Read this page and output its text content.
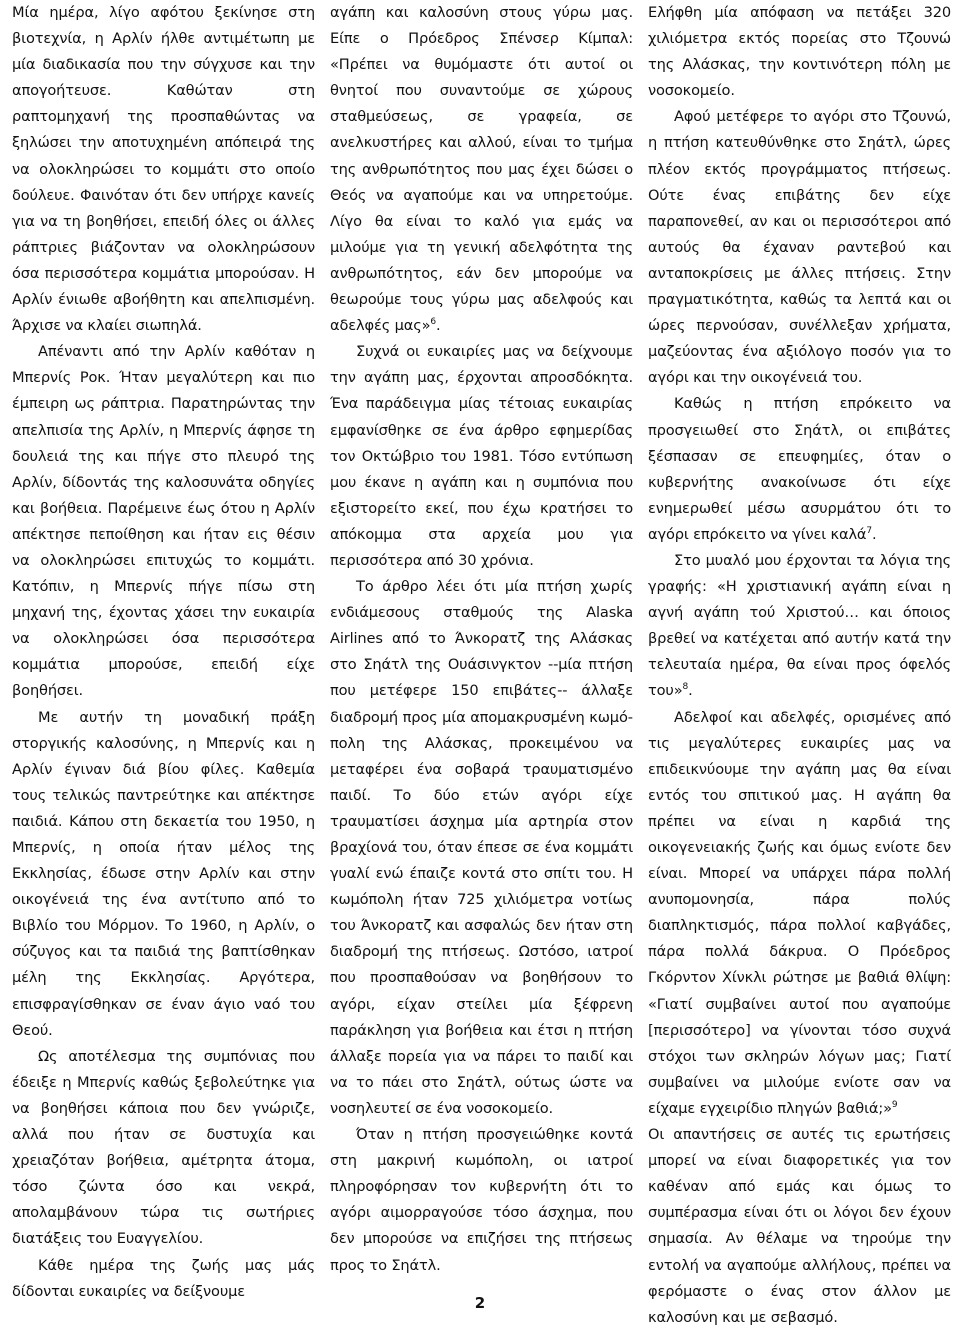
Μία ημέρα, λίγο αφότου ξεκίνησε στη βιοτεχνία, η Αρλίν ήλθε αντιμέτωπη με μία διαδικασία που την σύγχυσε και την απογοήτευσε. Καθώταν στη ραπτομηχανή της προσπαθώντας να ξηλώσει την αποτυχημένη απόπειρά της να ολοκληρώσει το κομμάτι στο οποίο δούλευε. Φαινόταν ότι δεν υπήρχε κανείς για να τη βοηθήσει, επειδή όλες οι άλλες ράπτριες βιάζονταν να ολοκληρώσουν όσα περισσότερα κομμάτια μπορούσαν. Η Αρλίν ένιωθε αβοήθητη και απελπισμένη. Άρχισε να κλαίει σιωπηλά.

Απέναντι από την Αρλίν καθόταν η Μπερνίς Ροκ. Ήταν μεγαλύτερη και πιο έμπειρη ως ράπτρια. Παρατηρώντας την απελπισία της Αρλίν, η Μπερνίς άφησε τη δουλειά της και πήγε στο πλευρό της Αρλίν, δίδοντάς της καλοσυνάτα οδηγίες και βοήθεια. Παρέμεινε έως ότου η Αρλίν απέκτησε πεποίθηση και ήταν εις θέσιν να ολοκληρώσει επιτυχώς το κομμάτι. Κατόπιν, η Μπερνίς πήγε πίσω στη μηχανή της, έχοντας χάσει την ευκαιρία να ολοκληρώσει όσα περισσότερα κομμάτια μπορούσε, επειδή είχε βοηθήσει.

Με αυτήν τη μοναδική πράξη στοργικής καλοσύνης, η Μπερνίς και η Αρλίν έγιναν διά βίου φίλες. Καθεμία τους τελικώς παντρεύτηκε και απέκτησε παιδιά. Κάπου στη δεκαετία του 1950, η Μπερνίς, η οποία ήταν μέλος της Εκκλησίας, έδωσε στην Αρλίν και στην οικογένειά της ένα αντίτυπο από το Βιβλίο του Μόρμον. Το 1960, η Αρλίν, ο σύζυγος και τα παιδιά της βαπτίσθηκαν μέλη της Εκκλησίας. Αργότερα, επισφραγίσθηκαν σε έναν άγιο ναό του Θεού.

Ως αποτέλεσμα της συμπόνιας που έδειξε η Μπερνίς καθώς ξεβολεύτηκε για να βοηθήσει κάποια που δεν γνώριζε, αλλά που ήταν σε δυστυχία και χρειαζόταν βοήθεια, αμέτρητα άτομα, τόσο ζώντα όσο και νεκρά, απολαμβάνουν τώρα τις σωτήριες διατάξεις του Ευαγγελίου.

Κάθε ημέρα της ζωής μας μάς δίδονται ευκαιρίες να δείξνουμε

αγάπη και καλοσύνη στους γύρω μας. Είπε ο Πρόεδρος Σπένσερ Κίμπαλ: «Πρέπει να θυμόμαστε ότι αυτοί οι θνητοί που συναντούμε σε χώρους σταθμεύσεως, σε γραφεία, σε ανελκυστήρες και αλλού, είναι το τμήμα της ανθρωπότητος που μας έχει δώσει ο Θεός να αγαπούμε και να υπηρετούμε. Λίγο θα είναι το καλό για εμάς να μιλούμε για τη γενική αδελφότητα της ανθρωπότητος, εάν δεν μπορούμε να θεωρούμε τους γύρω μας αδελφούς και αδελφές μας»$^6$.

Συχνά οι ευκαιρίες μας να δείχνουμε την αγάπη μας, έρχονται απροσδόκητα. Ένα παράδειγμα μίας τέτοιας ευκαιρίας εμφανίσθηκε σε ένα άρθρο εφημερίδας τον Οκτώβριο του 1981. Τόσο εντύπωση μου έκανε η αγάπη και η συμπόνια που εξιστορείτο εκεί, που έχω κρατήσει το απόκομμα στα αρχεία μου για περισσότερα από 30 χρόνια.

Το άρθρο λέει ότι μία πτήση χωρίς ενδιάμεσους σταθμούς της Alaska Airlines από το Άνκορατζ της Αλάσκας στο Σηάτλ της Ουάσινγκτον --μία πτήση που μετέφερε 150 επιβάτες-- άλλαξε διαδρομή προς μία απομακρυσμένη κωμόπολη της Αλάσκας, προκειμένου να μεταφέρει ένα σοβαρά τραυματισμένο παιδί. Το δύο ετών αγόρι είχε τραυματίσει άσχημα μία αρτηρία στον βραχίονά του, όταν έπεσε σε ένα κομμάτι γυαλί ενώ έπαιζε κοντά στο σπίτι του. Η κωμόπολη ήταν 725 χιλιόμετρα νοτίως του Άνκορατζ και ασφαλώς δεν ήταν στη διαδρομή της πτήσεως. Ωστόσο, ιατροί που προσπαθούσαν να βοηθήσουν το αγόρι, είχαν στείλει μία ξέφρενη παράκληση για βοήθεια και έτσι η πτήση άλλαξε πορεία για να πάρει το παιδί και να το πάει στο Σηάτλ, ούτως ώστε να νοσηλευτεί σε ένα νοσοκομείο.

Όταν η πτήση προσγειώθηκε κοντά στη μακρινή κωμόπολη, οι ιατροί πληροφόρησαν τον κυβερνήτη ότι το αγόρι αιμορραγούσε τόσο άσχημα, που δεν μπορούσε να επιζήσει της πτήσεως προς το Σηάτλ.

Ελήφθη μία απόφαση να πετάξει 320 χιλιόμετρα εκτός πορείας στο Τζουνώ της Αλάσκας, την κοντινότερη πόλη με νοσοκομείο.

Αφού μετέφερε το αγόρι στο Τζουνώ, η πτήση κατευθύνθηκε στο Σηάτλ, ώρες πλέον εκτός προγράμματος πτήσεως. Ούτε ένας επιβάτης δεν είχε παραπονεθεί, αν και οι περισσότεροι από αυτούς θα έχαναν ραντεβού και ανταποκρίσεις με άλλες πτήσεις. Στην πραγματικότητα, καθώς τα λεπτά και οι ώρες περνούσαν, συνέλλεξαν χρήματα, μαζεύοντας ένα αξιόλογο ποσόν για το αγόρι και την οικογένειά του.

Καθώς η πτήση επρόκειτο να προσγειωθεί στο Σηάτλ, οι επιβάτες ξέσπασαν σε επευφημίες, όταν ο κυβερνήτης ανακοίνωσε ότι είχε ενημερωθεί μέσω ασυρμάτου ότι το αγόρι επρόκειτο να γίνει καλά$^7$.

Στο μυαλό μου έρχονται τα λόγια της γραφής: «Η χριστιανική αγάπη είναι η αγνή αγάπη τού Χριστού… και όποιος βρεθεί να κατέχεται από αυτήν κατά την τελευταία ημέρα, θα είναι προς όφελός του»$^8$.

Αδελφοί και αδελφές, ορισμένες από τις μεγαλύτερες ευκαιρίες μας να επιδεικνύουμε την αγάπη μας θα είναι εντός του σπιτικού μας. Η αγάπη θα πρέπει να είναι η καρδιά της οικογενειακής ζωής και όμως ενίοτε δεν είναι. Μπορεί να υπάρχει πάρα πολλή ανυπομονησία, πάρα πολύς διαπληκτισμός, πάρα πολλοί καβγάδες, πάρα πολλά δάκρυα. Ο Πρόεδρος Γκόρντον Χίνκλι ρώτησε με βαθιά θλίψη: «Γιατί συμβαίνει αυτοί που αγαπούμε [περισσότερο] να γίνονται τόσο συχνά στόχοι των σκληρών λόγων μας; Γιατί συμβαίνει να μιλούμε ενίοτε σαν να είχαμε εγχειρίδιο πληγών βαθιά;»$^9$

Οι απαντήσεις σε αυτές τις ερωτήσεις μπορεί να είναι διαφορετικές για τον καθέναν από εμάς και όμως το συμπέρασμα είναι ότι οι λόγοι δεν έχουν σημασία. Αν θέλαμε να τηρούμε την εντολή να αγαπούμε αλλήλους, πρέπει να φερόμαστε ο ένας στον άλλον με καλοσύνη και με σεβασμό.

2
